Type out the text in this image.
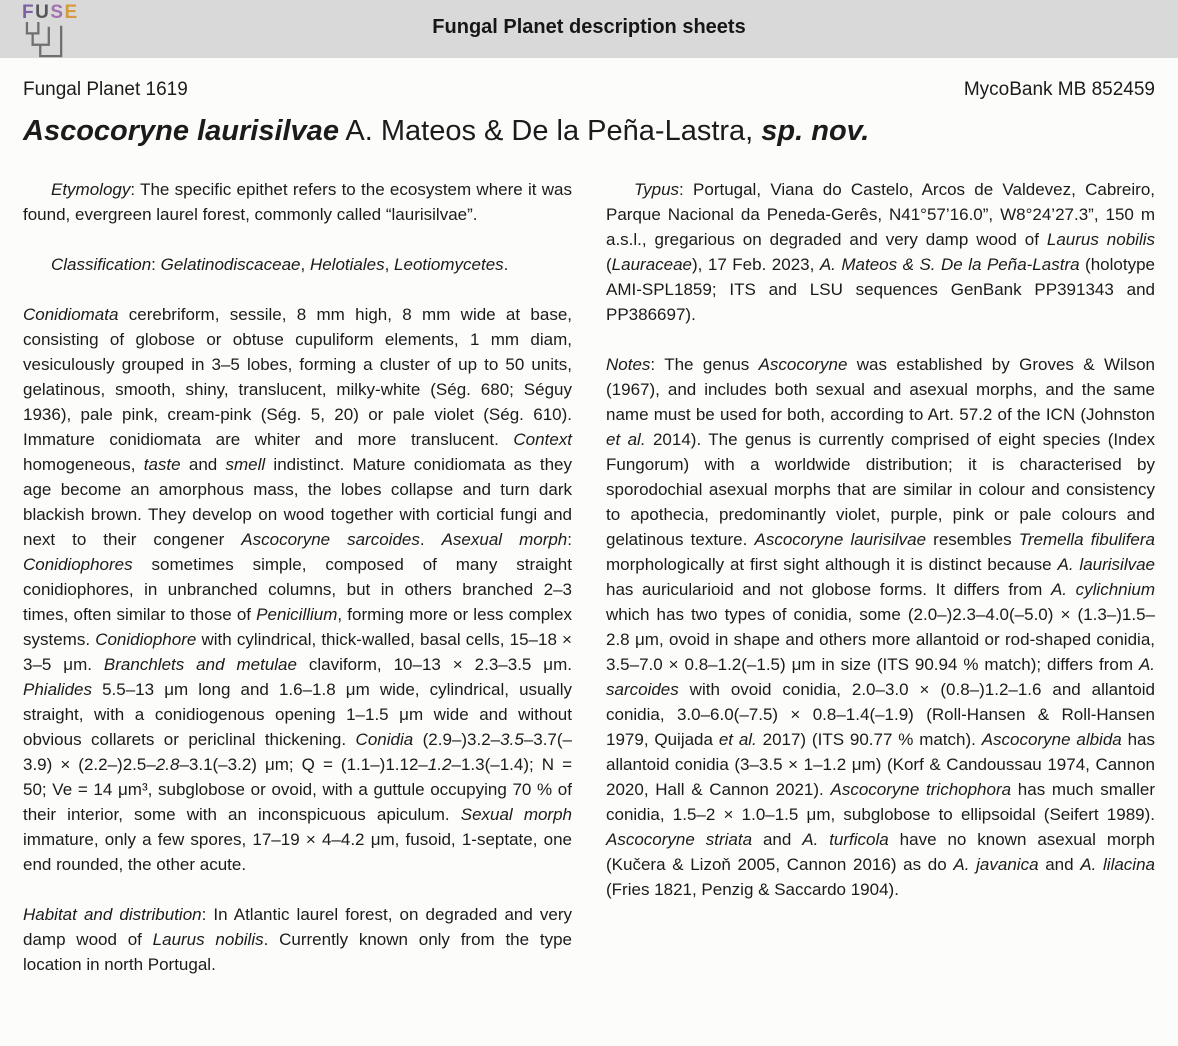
FUSE
Fungal Planet description sheets
Fungal Planet 1619	MycoBank MB 852459
Ascocoryne laurisilvae A. Mateos & De la Peña-Lastra, sp. nov.

Etymology: The specific epithet refers to the ecosystem where it was found, evergreen laurel forest, commonly called “laurisilvae”.

Classification: Gelatinodiscaceae, Helotiales, Leotiomycetes.

Conidiomata cerebriform, sessile, 8 mm high, 8 mm wide at base, consisting of globose or obtuse cupuliform elements, 1 mm diam, vesiculously grouped in 3–5 lobes, forming a cluster of up to 50 units, gelatinous, smooth, shiny, translucent, milky-white (Ség. 680; Séguy 1936), pale pink, cream-pink (Ség. 5, 20) or pale violet (Ség. 610). Immature conidiomata are whiter and more translucent. Context homogeneous, taste and smell indistinct. Mature conidiomata as they age become an amorphous mass, the lobes collapse and turn dark blackish brown. They develop on wood together with corticial fungi and next to their congener Ascocoryne sarcoides. Asexual morph: Conidiophores sometimes simple, composed of many straight conidiophores, in unbranched columns, but in others branched 2–3 times, often similar to those of Penicillium, forming more or less complex systems. Conidiophore with cylindrical, thick-walled, basal cells, 15–18 × 3–5 μm. Branchlets and metulae claviform, 10–13 × 2.3–3.5 μm. Phialides 5.5–13 μm long and 1.6–1.8 μm wide, cylindrical, usually straight, with a conidiogenous opening 1–1.5 μm wide and without obvious collarets or periclinal thickening. Conidia (2.9–)3.2–3.5–3.7(–3.9) × (2.2–)2.5–2.8–3.1(–3.2) μm; Q = (1.1–)1.12–1.2–1.3(–1.4); N = 50; Ve = 14 μm³, subglobose or ovoid, with a guttule occupying 70 % of their interior, some with an inconspicuous apiculum. Sexual morph immature, only a few spores, 17–19 × 4–4.2 μm, fusoid, 1-septate, one end rounded, the other acute.

Habitat and distribution: In Atlantic laurel forest, on degraded and very damp wood of Laurus nobilis. Currently known only from the type location in north Portugal.

Typus: Portugal, Viana do Castelo, Arcos de Valdevez, Cabreiro, Parque Nacional da Peneda-Gerês, N41°57’16.0”, W8°24’27.3”, 150 m a.s.l., gregarious on degraded and very damp wood of Laurus nobilis (Lauraceae), 17 Feb. 2023, A. Mateos & S. De la Peña-Lastra (holotype AMI-SPL1859; ITS and LSU sequences GenBank PP391343 and PP386697).

Notes: The genus Ascocoryne was established by Groves & Wilson (1967), and includes both sexual and asexual morphs, and the same name must be used for both, according to Art. 57.2 of the ICN (Johnston et al. 2014). The genus is currently comprised of eight species (Index Fungorum) with a worldwide distribution; it is characterised by sporodochial asexual morphs that are similar in colour and consistency to apothecia, predominantly violet, purple, pink or pale colours and gelatinous texture. Ascocoryne laurisilvae resembles Tremella fibulifera morphologically at first sight although it is distinct because A. laurisilvae has auricularioid and not globose forms. It differs from A. cylichnium which has two types of conidia, some (2.0–)2.3–4.0(–5.0) × (1.3–)1.5–2.8 μm, ovoid in shape and others more allantoid or rod-shaped conidia, 3.5–7.0 × 0.8–1.2(–1.5) μm in size (ITS 90.94 % match); differs from A. sarcoides with ovoid conidia, 2.0–3.0 × (0.8–)1.2–1.6 and allantoid conidia, 3.0–6.0(–7.5) × 0.8–1.4(–1.9) (Roll-Hansen & Roll-Hansen 1979, Quijada et al. 2017) (ITS 90.77 % match). Ascocoryne albida has allantoid conidia (3–3.5 × 1–1.2 μm) (Korf & Candoussau 1974, Cannon 2020, Hall & Cannon 2021). Ascocoryne trichophora has much smaller conidia, 1.5–2 × 1.0–1.5 μm, subglobose to ellipsoidal (Seifert 1989). Ascocoryne striata and A. turficola have no known asexual morph (Kučera & Lizoň 2005, Cannon 2016) as do A. javanica and A. lilacina (Fries 1821, Penzig & Saccardo 1904).
